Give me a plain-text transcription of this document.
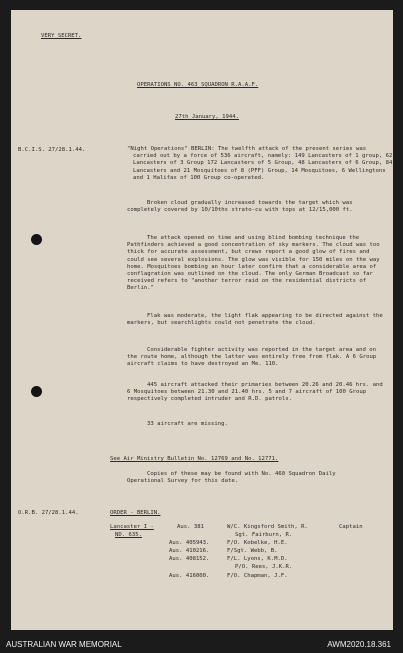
VERY SECRET.
OPERATIONS NO. 463 SQUADRON R.A.A.F.
27th January, 1944.
B.C.I.S. 27/28.1.44.	"Night Operations" BERLIN: The twelfth attack of the present series was carried out by a force of 536 aircraft, namely: 149 Lancasters of 1 group, 62 Lancasters of 3 Group 172 Lancasters of 5 Group, 48 Lancasters of 6 Group, 84 Lancasters and 21 Mosquitoes of 8 (PFF) Group, 14 Mosquitoes, 6 Wellingtons and 1 Halifax of 100 Group co-operated.
Broken cloud gradually increased towards the target which was completely covered by 10/10ths strato-cu with tops at 12/15,000 ft.
The attack opened on time and using blind bombing technique the Pathfinders achieved a good concentration of sky markers. The cloud was too thick for accurate assessment, but crews report a good glow of fires and could see several explosions. The glow was visible for 150 miles on the way home. Mosquitoes bombing an hour later confirm that a considerable area of conflagration was outlined on the cloud. The only German Broadcast so far received refers to "another terror raid on the residential districts of Berlin."
Flak was moderate, the light flak appearing to be directed against the markers, but searchlights could not penetrate the cloud.
Considerable fighter activity was reported in the target area and on the route home, although the latter was entirely free from flak. A 6 Group aircraft claims to have destroyed an Me. 110.
445 aircraft attacked their primaries between 20.26 and 20.46 hrs. and 6 Mosquitoes between 21.30 and 21.40 hrs. 5 and 7 aircraft of 100 Group respectively completed intruder and R.D. patrols.
33 aircraft are missing.
See Air Ministry Bulletin No. 12769 and No. 12771.
Copies of these may be found with No. 460 Squadron Daily Operational Survey for this date.
O.R.B. 27/28.1.44.	ORDER - BERLIN.
Lancaster I -
ND. 635.
Aus. 381	W/C. Kingsford Smith, R.	Captain
Sgt. Fairburn, R.
Aus. 405943.	F/O. Kobelke, H.E.
Aus. 410216.	F/Sgt. Webb, B.
Aus. 408152.	F/L. Lyons, K.M.D.
P/O. Rees, J.K.R.
Aus. 416000.	F/O. Chapman, J.F.
AUSTRALIAN WAR MEMORIAL	AWM2020.18.361
